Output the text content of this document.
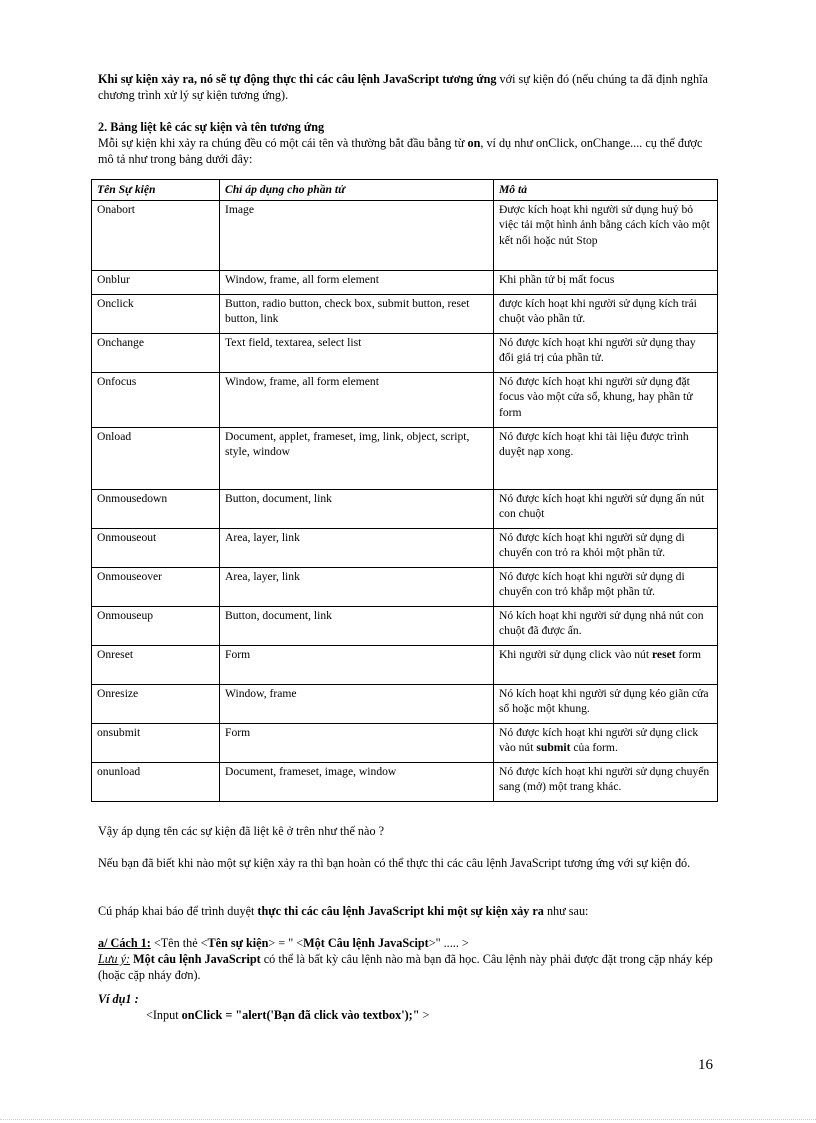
Khi sự kiện xảy ra, nó sẽ tự động thực thi các câu lệnh JavaScript tương ứng với sự kiện đó (nếu chúng ta đã định nghĩa chương trình xử lý sự kiện tương ứng).
2. Bảng liệt kê các sự kiện và tên tương ứng
Mỗi sự kiện khi xảy ra chúng đều có một cái tên và thường bắt đầu bằng từ on, ví dụ như onClick, onChange.... cụ thể được mô tả như trong bảng dưới đây:
Tên Sự kiện	Chỉ áp dụng cho phần tử	Mô tả
Onabort	Image	Được kích hoạt khi người sử dụng huỷ bỏ việc tải một hình ảnh bằng cách kích vào một kết nối hoặc nút Stop
Onblur	Window, frame, all form element	Khi phần tử bị mất focus
Onclick	Button, radio button, check box, submit button, reset button, link	được kích hoạt khi người sử dụng kích trái chuột vào phần tử.
Onchange	Text field, textarea, select list	Nó được kích hoạt khi người sử dụng thay đổi giá trị của phần tử.
Onfocus	Window, frame, all form element	Nó được kích hoạt khi người sử dụng đặt focus vào một cửa sổ, khung, hay phần tử form
Onload	Document, applet, frameset, img, link, object, script, style, window	Nó được kích hoạt khi tài liệu được trình duyệt nạp xong.
Onmousedown	Button, document, link	Nó được kích hoạt khi người sử dụng ấn nút con chuột
Onmouseout	Area, layer, link	Nó được kích hoạt khi người sử dụng di chuyển con trỏ ra khỏi một phần tử.
Onmouseover	Area, layer, link	Nó được kích hoạt khi người sử dụng di chuyển con trỏ khắp một phần tử.
Onmouseup	Button, document, link	Nó kích hoạt khi người sử dụng nhả nút con chuột đã được ấn.
Onreset	Form	Khi người sử dụng click vào nút reset form
Onresize	Window, frame	Nó kích hoạt khi người sử dụng kéo giãn cửa sổ hoặc một khung.
onsubmit	Form	Nó được kích hoạt khi người sử dụng click vào nút submit của form.
onunload	Document, frameset, image, window	Nó được kích hoạt khi người sử dụng chuyển sang (mở) một trang khác.
Vậy áp dụng tên các sự kiện đã liệt kê ở trên như thế nào ?
Nếu bạn đã biết khi nào một sự kiện xảy ra thì bạn hoàn có thể thực thi các câu lệnh JavaScript tương ứng với sự kiện đó.
Cú pháp khai báo để trình duyệt thực thi các câu lệnh JavaScript khi một sự kiện xảy ra như sau:
a/ Cách 1: <Tên thẻ <Tên sự kiện> = " <Một Câu lệnh JavaScipt>" ..... >
Lưu ý: Một câu lệnh JavaScript có thể là bất kỳ câu lệnh nào mà bạn đã học. Câu lệnh này phải được đặt trong cặp nháy kép (hoặc cặp nháy đơn).
Ví dụ1 :
<Input onClick = "alert('Bạn đã click vào textbox');" >
16
